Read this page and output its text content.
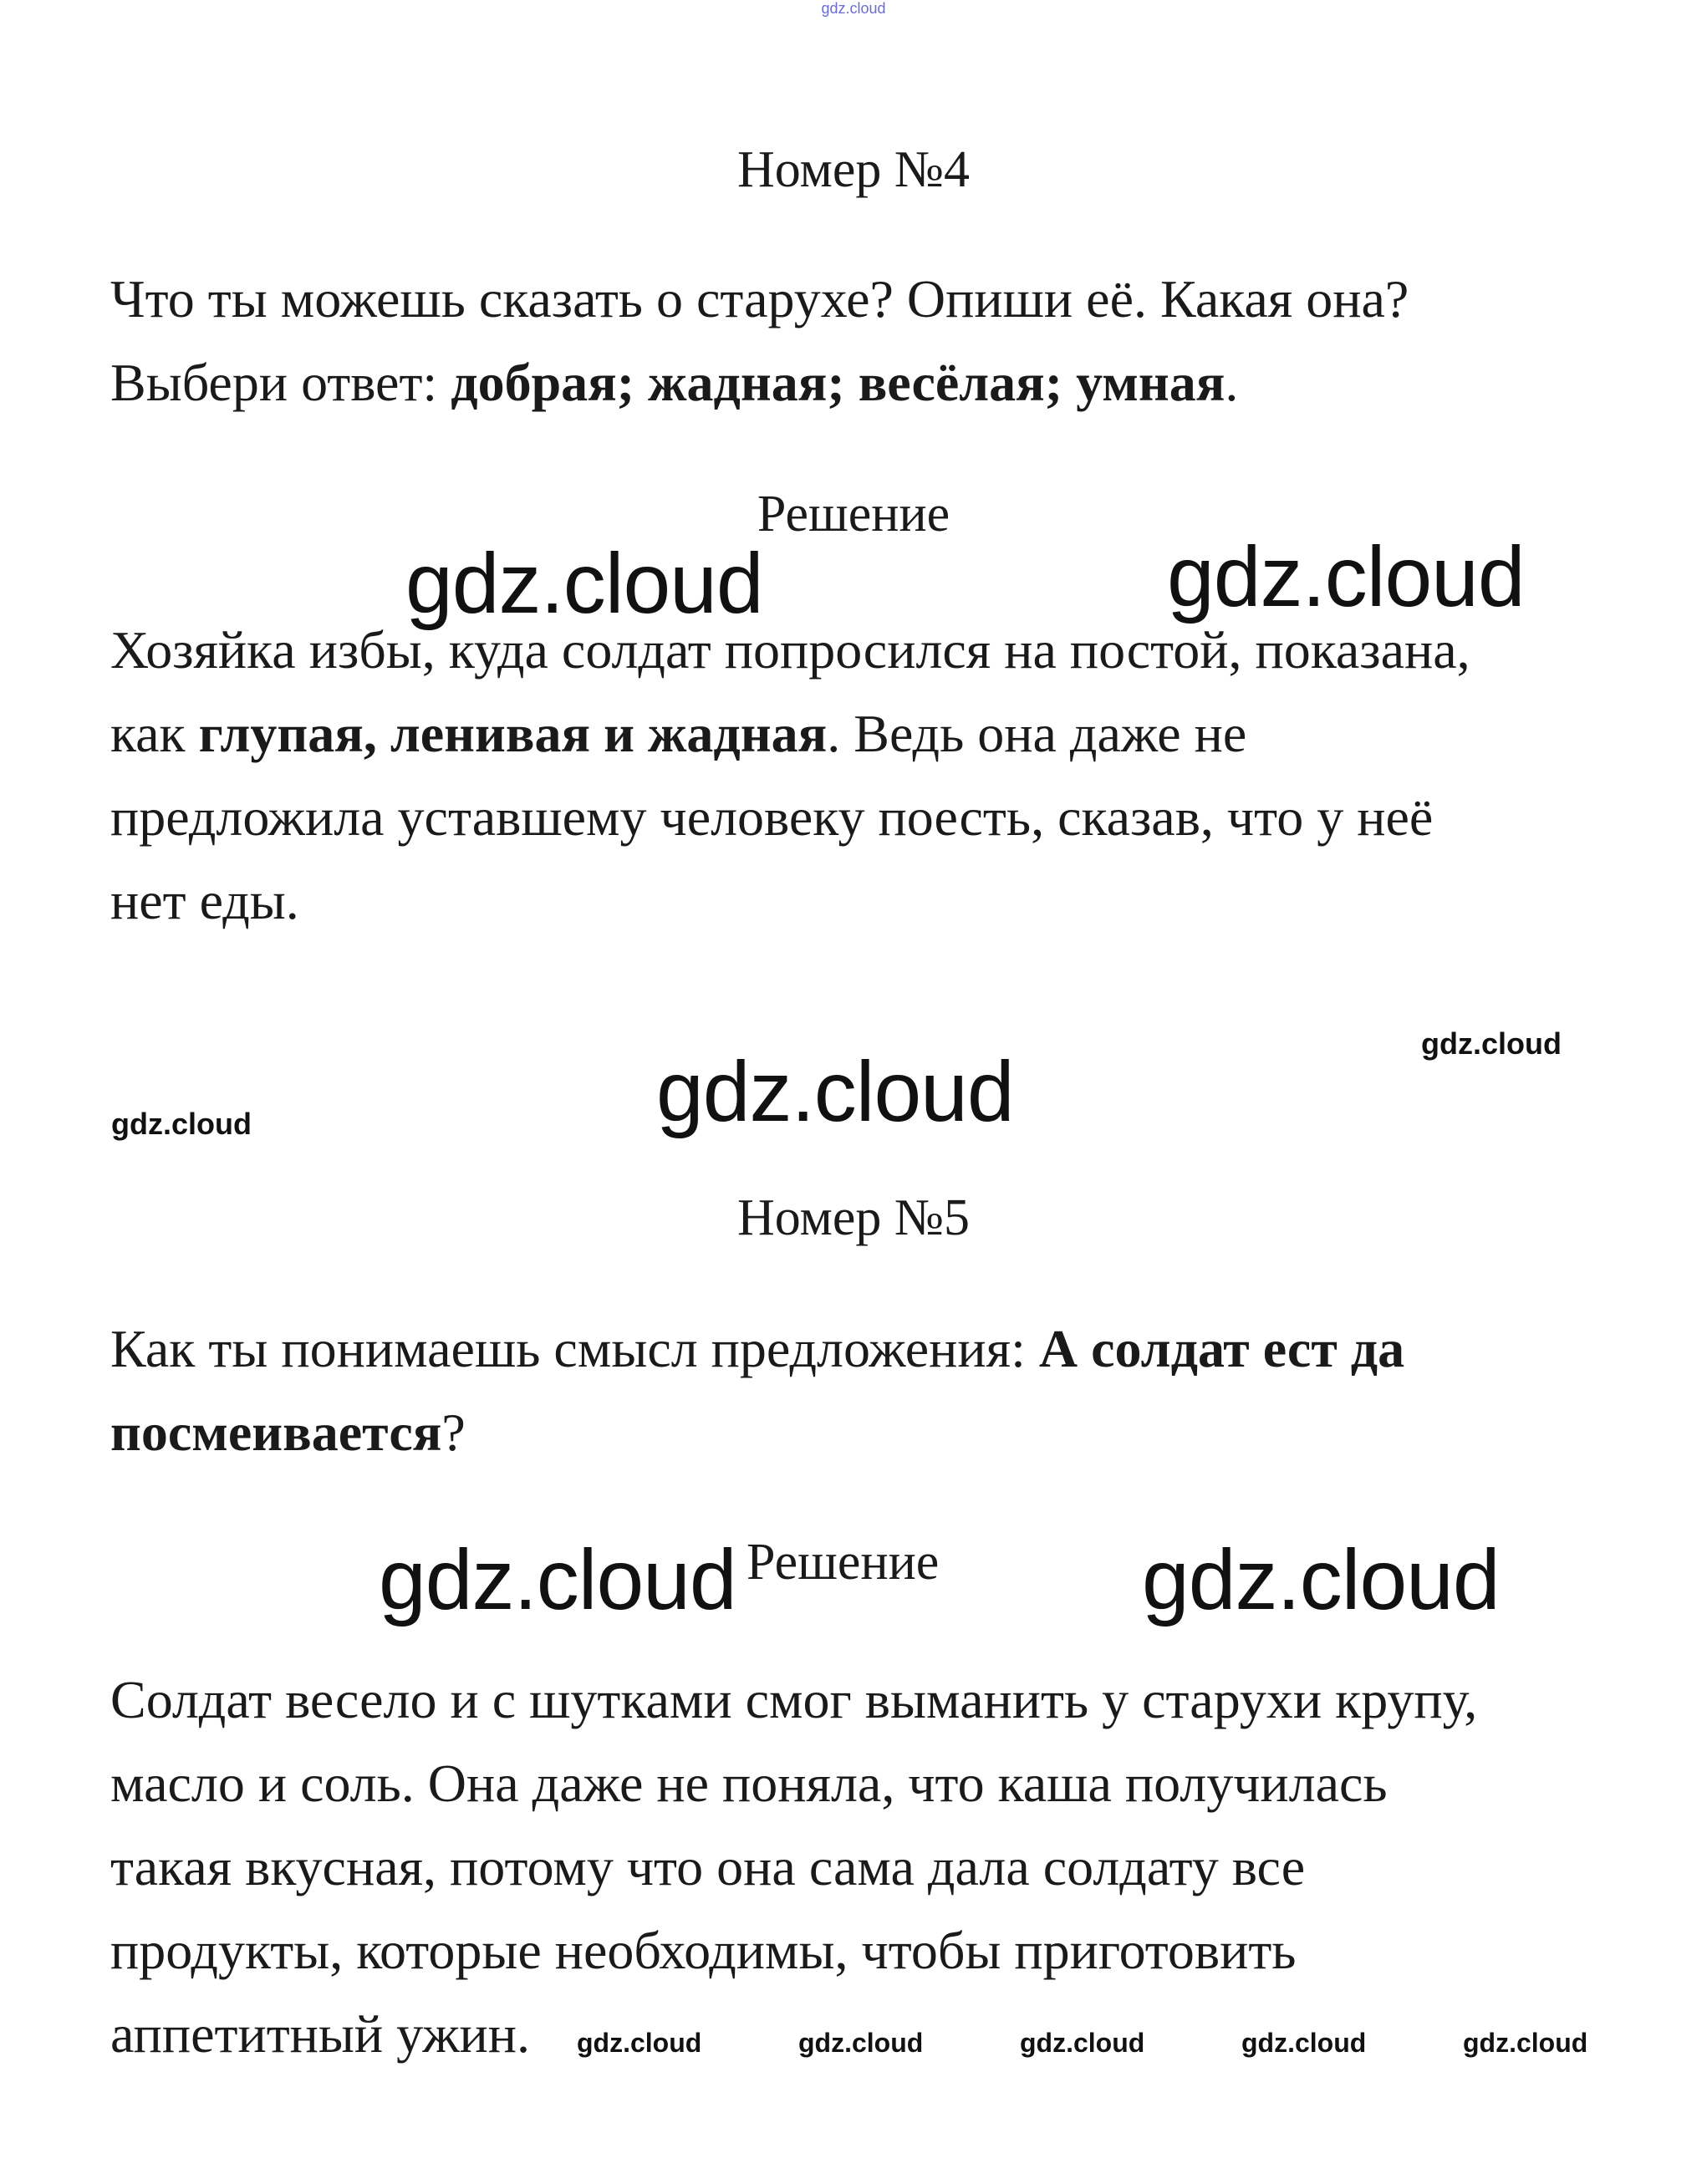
gdz.cloud
Номер №4
Что ты можешь сказать о старухе? Опиши её. Какая она?
Выбери ответ: добрая; жадная; весёлая; умная.
Решение
gdz.cloud	gdz.cloud
Хозяйка избы, куда солдат попросился на постой, показана,
как глупая, ленивая и жадная. Ведь она даже не
предложила уставшему человеку поесть, сказав, что у неё
нет еды.
gdz.cloud
gdz.cloud	gdz.cloud
Номер №5
Как ты понимаешь смысл предложения: А солдат ест да
посмеивается?
gdz.cloud Решение gdz.cloud
Солдат весело и с шутками смог выманить у старухи крупу,
масло и соль. Она даже не поняла, что каша получилась
такая вкусная, потому что она сама дала солдату все
продукты, которые необходимы, чтобы приготовить
аппетитный ужин.	gdz.cloud	gdz.cloud	gdz.cloud	gdz.cloud	gdz.cloud
